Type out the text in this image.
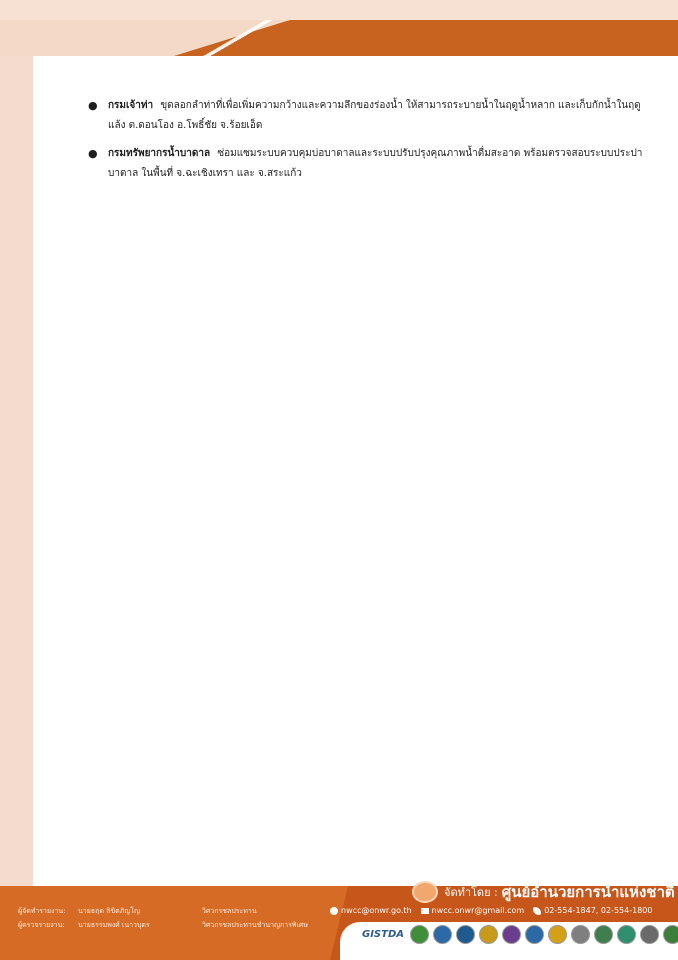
●	กรมเจ้าท่า ขุดลอกลำท่าที่เพื่อเพิ่มความกว้างและความลึกของร่องน้ำ ให้สามารถระบายน้ำในฤดูน้ำหลาก และเก็บกักน้ำในฤดูแล้ง ต.ดอนโอง อ.โพธิ์ชัย จ.ร้อยเอ็ด
●	กรมทรัพยากรน้ำบาดาล ซ่อมแซมระบบควบคุมบ่อบาดาลและระบบปรับปรุงคุณภาพน้ำดื่มสะอาด พร้อมตรวจสอบระบบประปาบาดาล ในพื้นที่ จ.ฉะเชิงเทรา และ จ.สระแก้ว
ผู้จัดทำรายงาน:	นายธฤต ลิขิตภิญโญ	วิศวกรชลประทาน
ผู้ตรวจรายงาน:	นายธรรมพงศ์ เนาวบุตร	วิศวกรชลประทานชำนาญการพิเศษ
จัดทำโดย : ศูนย์อำนวยการน้ำแห่งชาติ
nwcc@onwr.go.th	nwcc.onwr@gmail.com	02-554-1847, 02-554-1800
GISTDA
